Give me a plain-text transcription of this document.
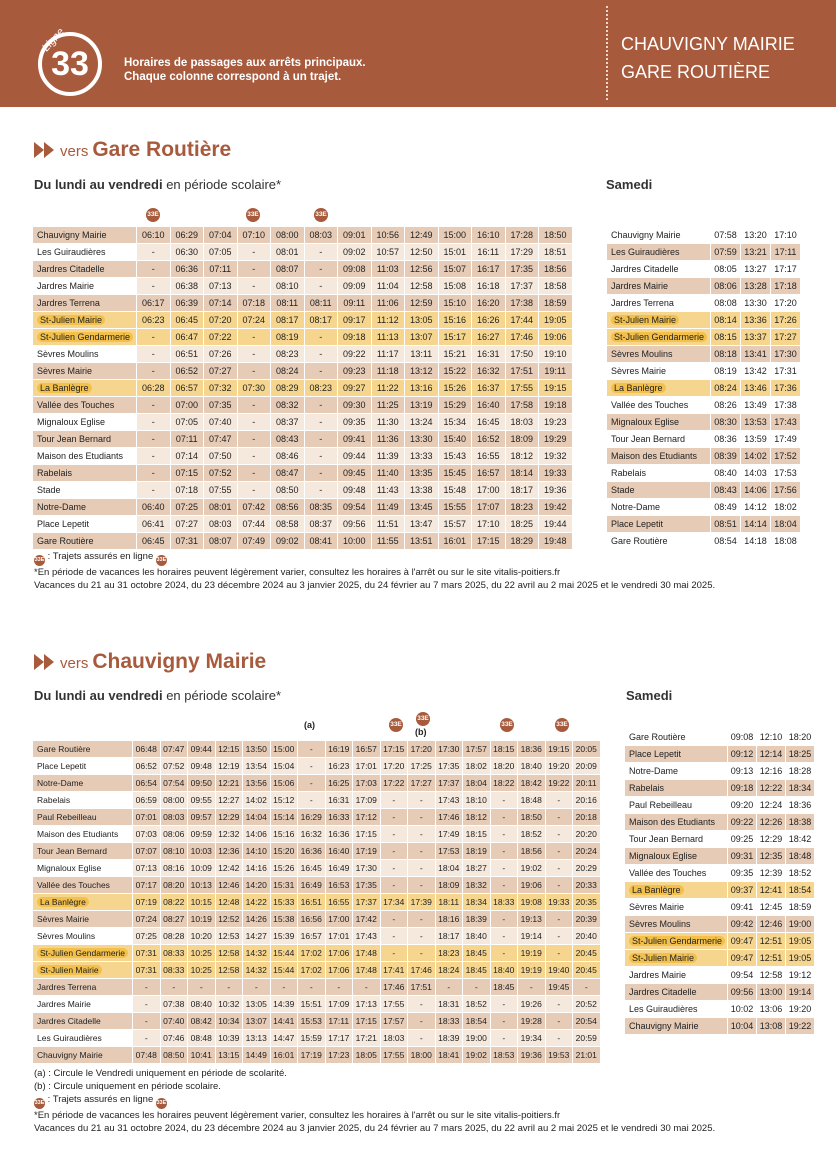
33
Ligne
Horaires de passages aux arrêts principaux.
Chaque colonne correspond à un trajet.
CHAUVIGNY MAIRIE
GARE ROUTIÈRE
vers Gare Routière
Du lundi au vendredi en période scolaire*	Samedi
33E	33E	33E
Chauvigny Mairie	06:10	06:29	07:04	07:10	08:00	08:03	09:01	10:56	12:49	15:00	16:10	17:28	18:50
Les Guiraudières	-	06:30	07:05	-	08:01	-	09:02	10:57	12:50	15:01	16:11	17:29	18:51
Jardres Citadelle	-	06:36	07:11	-	08:07	-	09:08	11:03	12:56	15:07	16:17	17:35	18:56
Jardres Mairie	-	06:38	07:13	-	08:10	-	09:09	11:04	12:58	15:08	16:18	17:37	18:58
Jardres Terrena	06:17	06:39	07:14	07:18	08:11	08:11	09:11	11:06	12:59	15:10	16:20	17:38	18:59
St-Julien Mairie	06:23	06:45	07:20	07:24	08:17	08:17	09:17	11:12	13:05	15:16	16:26	17:44	19:05
St-Julien Gendarmerie	-	06:47	07:22	-	08:19	-	09:18	11:13	13:07	15:17	16:27	17:46	19:06
Sèvres Moulins	-	06:51	07:26	-	08:23	-	09:22	11:17	13:11	15:21	16:31	17:50	19:10
Sèvres Mairie	-	06:52	07:27	-	08:24	-	09:23	11:18	13:12	15:22	16:32	17:51	19:11
La Banlègre	06:28	06:57	07:32	07:30	08:29	08:23	09:27	11:22	13:16	15:26	16:37	17:55	19:15
Vallée des Touches	-	07:00	07:35	-	08:32	-	09:30	11:25	13:19	15:29	16:40	17:58	19:18
Mignaloux Eglise	-	07:05	07:40	-	08:37	-	09:35	11:30	13:24	15:34	16:45	18:03	19:23
Tour Jean Bernard	-	07:11	07:47	-	08:43	-	09:41	11:36	13:30	15:40	16:52	18:09	19:29
Maison des Etudiants	-	07:14	07:50	-	08:46	-	09:44	11:39	13:33	15:43	16:55	18:12	19:32
Rabelais	-	07:15	07:52	-	08:47	-	09:45	11:40	13:35	15:45	16:57	18:14	19:33
Stade	-	07:18	07:55	-	08:50	-	09:48	11:43	13:38	15:48	17:00	18:17	19:36
Notre-Dame	06:40	07:25	08:01	07:42	08:56	08:35	09:54	11:49	13:45	15:55	17:07	18:23	19:42
Place Lepetit	06:41	07:27	08:03	07:44	08:58	08:37	09:56	11:51	13:47	15:57	17:10	18:25	19:44
Gare Routière	06:45	07:31	08:07	07:49	09:02	08:41	10:00	11:55	13:51	16:01	17:15	18:29	19:48
Chauvigny Mairie	07:58	13:20	17:10
Les Guiraudières	07:59	13:21	17:11
Jardres Citadelle	08:05	13:27	17:17
Jardres Mairie	08:06	13:28	17:18
Jardres Terrena	08:08	13:30	17:20
St-Julien Mairie	08:14	13:36	17:26
St-Julien Gendarmerie	08:15	13:37	17:27
Sèvres Moulins	08:18	13:41	17:30
Sèvres Mairie	08:19	13:42	17:31
La Banlègre	08:24	13:46	17:36
Vallée des Touches	08:26	13:49	17:38
Mignaloux Eglise	08:30	13:53	17:43
Tour Jean Bernard	08:36	13:59	17:49
Maison des Etudiants	08:39	14:02	17:52
Rabelais	08:40	14:03	17:53
Stade	08:43	14:06	17:56
Notre-Dame	08:49	14:12	18:02
Place Lepetit	08:51	14:14	18:04
Gare Routière	08:54	14:18	18:08
33E : Trajets assurés en ligne 33E
*En période de vacances les horaires peuvent légèrement varier, consultez les horaires à l'arrêt ou sur le site vitalis-poitiers.fr
Vacances du 21 au 31 octobre 2024, du 23 décembre 2024 au 3 janvier 2025, du 24 février au 7 mars 2025, du 22 avril au 2 mai 2025 et le vendredi 30 mai 2025.
vers Chauvigny Mairie
Du lundi au vendredi en période scolaire*	Samedi
(a)	33E
33E
(b)
33E	33E
Gare Routière	06:48	07:47	09:44	12:15	13:50	15:00	-	16:19	16:57	17:15	17:20	17:30	17:57	18:15	18:36	19:15	20:05
Place Lepetit	06:52	07:52	09:48	12:19	13:54	15:04	-	16:23	17:01	17:20	17:25	17:35	18:02	18:20	18:40	19:20	20:09
Notre-Dame	06:54	07:54	09:50	12:21	13:56	15:06	-	16:25	17:03	17:22	17:27	17:37	18:04	18:22	18:42	19:22	20:11
Rabelais	06:59	08:00	09:55	12:27	14:02	15:12	-	16:31	17:09	-	-	17:43	18:10	-	18:48	-	20:16
Paul Rebeilleau	07:01	08:03	09:57	12:29	14:04	15:14	16:29	16:33	17:12	-	-	17:46	18:12	-	18:50	-	20:18
Maison des Etudiants	07:03	08:06	09:59	12:32	14:06	15:16	16:32	16:36	17:15	-	-	17:49	18:15	-	18:52	-	20:20
Tour Jean Bernard	07:07	08:10	10:03	12:36	14:10	15:20	16:36	16:40	17:19	-	-	17:53	18:19	-	18:56	-	20:24
Mignaloux Eglise	07:13	08:16	10:09	12:42	14:16	15:26	16:45	16:49	17:30	-	-	18:04	18:27	-	19:02	-	20:29
Vallée des Touches	07:17	08:20	10:13	12:46	14:20	15:31	16:49	16:53	17:35	-	-	18:09	18:32	-	19:06	-	20:33
La Banlègre	07:19	08:22	10:15	12:48	14:22	15:33	16:51	16:55	17:37	17:34	17:39	18:11	18:34	18:33	19:08	19:33	20:35
Sèvres Mairie	07:24	08:27	10:19	12:52	14:26	15:38	16:56	17:00	17:42	-	-	18:16	18:39	-	19:13	-	20:39
Sèvres Moulins	07:25	08:28	10:20	12:53	14:27	15:39	16:57	17:01	17:43	-	-	18:17	18:40	-	19:14	-	20:40
St-Julien Gendarmerie	07:31	08:33	10:25	12:58	14:32	15:44	17:02	17:06	17:48	-	-	18:23	18:45	-	19:19	-	20:45
St-Julien Mairie	07:31	08:33	10:25	12:58	14:32	15:44	17:02	17:06	17:48	17:41	17:46	18:24	18:45	18:40	19:19	19:40	20:45
Jardres Terrena	-	-	-	-	-	-	-	-	-	17:46	17:51	-	-	18:45	-	19:45	-
Jardres Mairie	-	07:38	08:40	10:32	13:05	14:39	15:51	17:09	17:13	17:55	-	18:31	18:52	-	19:26	-	20:52
Jardres Citadelle	-	07:40	08:42	10:34	13:07	14:41	15:53	17:11	17:15	17:57	-	18:33	18:54	-	19:28	-	20:54
Les Guiraudières	-	07:46	08:48	10:39	13:13	14:47	15:59	17:17	17:21	18:03	-	18:39	19:00	-	19:34	-	20:59
Chauvigny Mairie	07:48	08:50	10:41	13:15	14:49	16:01	17:19	17:23	18:05	17:55	18:00	18:41	19:02	18:53	19:36	19:53	21:01
Gare Routière	09:08	12:10	18:20
Place Lepetit	09:12	12:14	18:25
Notre-Dame	09:13	12:16	18:28
Rabelais	09:18	12:22	18:34
Paul Rebeilleau	09:20	12:24	18:36
Maison des Etudiants	09:22	12:26	18:38
Tour Jean Bernard	09:25	12:29	18:42
Mignaloux Eglise	09:31	12:35	18:48
Vallée des Touches	09:35	12:39	18:52
La Banlègre	09:37	12:41	18:54
Sèvres Mairie	09:41	12:45	18:59
Sèvres Moulins	09:42	12:46	19:00
St-Julien Gendarmerie	09:47	12:51	19:05
St-Julien Mairie	09:47	12:51	19:05
Jardres Mairie	09:54	12:58	19:12
Jardres Citadelle	09:56	13:00	19:14
Les Guiraudières	10:02	13:06	19:20
Chauvigny Mairie	10:04	13:08	19:22
(a) : Circule le Vendredi uniquement en période de scolarité.
(b) : Circule uniquement en période scolaire.
33E : Trajets assurés en ligne 33E
*En période de vacances les horaires peuvent légèrement varier, consultez les horaires à l'arrêt ou sur le site vitalis-poitiers.fr
Vacances du 21 au 31 octobre 2024, du 23 décembre 2024 au 3 janvier 2025, du 24 février au 7 mars 2025, du 22 avril au 2 mai 2025 et le vendredi 30 mai 2025.
